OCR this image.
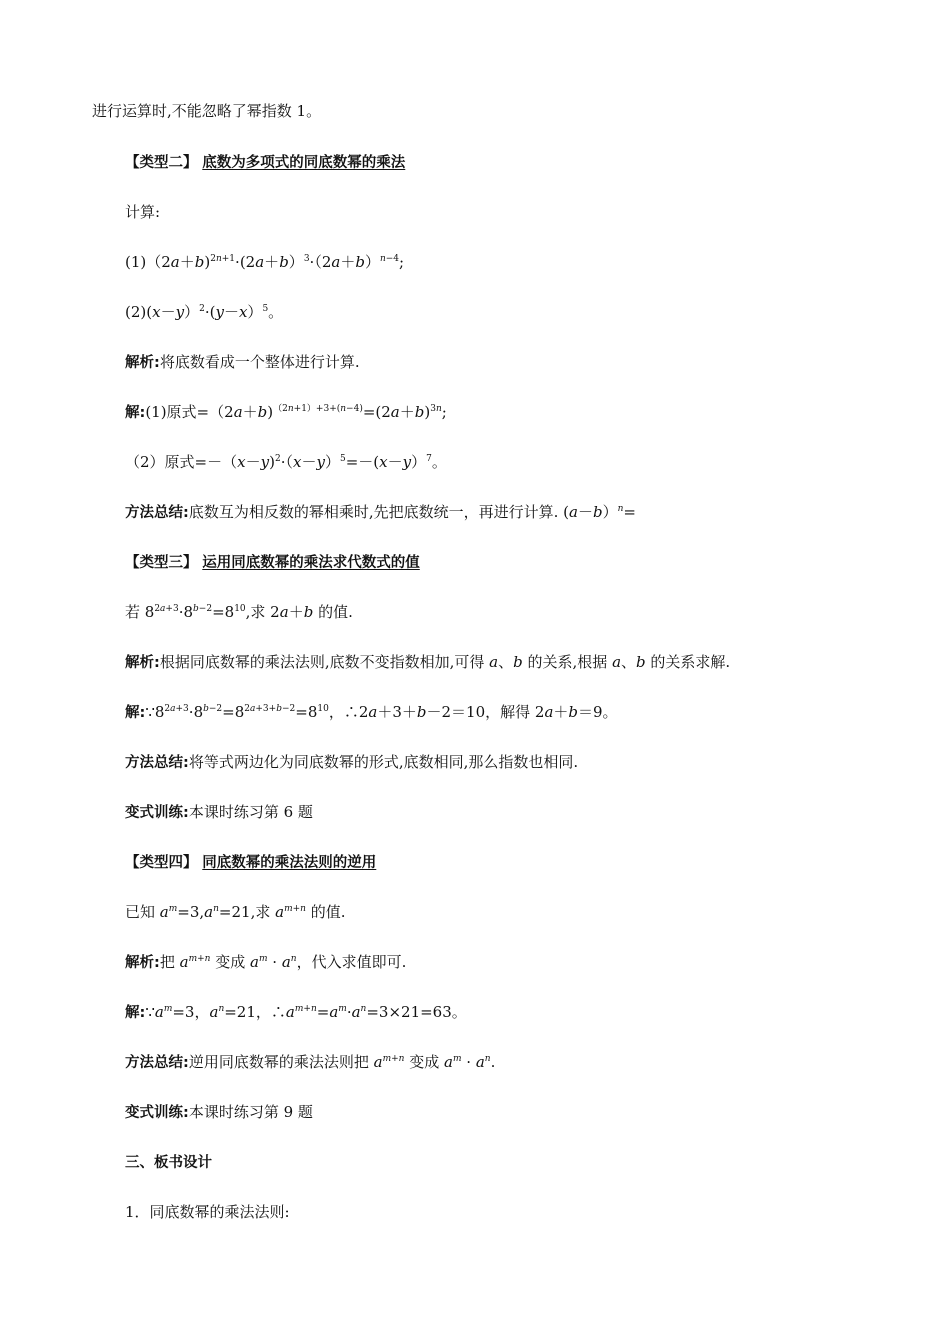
进行运算时,不能忽略了幂指数 1。
【类型二】 底数为多项式的同底数幂的乘法
计算:
$(1)(2a+b)^{2n+1}\cdot(2a+b)^3\cdot(2a+b)^{n-4}$;
(2)(x－y）$^2$·(y－x）$^5$。
解析:将底数看成一个整体进行计算.
解:(1)原式$=(2a+b)^{(2n+1)+3+(n-4)}=(2a+b)^{3n}$;
（2）原式$=-(x-y)^2\cdot(x-y)^5=-(x-y)^7$。
方法总结:底数互为相反数的幂相乘时,先把底数统一，再进行计算. (a－b）$^n$=
【类型三】 运用同底数幂的乘法求代数式的值
若 $8^{2a+3}\cdot 8^{b-2}=8^{10}$,求 2a＋b 的值.
解析:根据同底数幂的乘法法则,底数不变指数相加,可得 a、b 的关系,根据 a、b 的关系求解.
解$:\because 8^{2a+3}\cdot 8^{b-2}=8^{2a+3+b-2}=8^{10}$，∴2a＋3＋b－2＝10，解得 2a＋b＝9。
方法总结:将等式两边化为同底数幂的形式,底数相同,那么指数也相同.
变式训练:本课时练习第 6 题
【类型四】 同底数幂的乘法法则的逆用
已知 $a^m=3,a^n=21$,求 $a^{m+n}$ 的值.
解析:把 $a^{m+n}$ 变成 $a^m \cdot a^n$，代入求值即可.
解$:\because a^m=3$，$a^n=21$，$\therefore a^{m+n}=a^m\cdot a^n=3\times 21=63$。
方法总结:逆用同底数幂的乘法法则把 $a^{m+n}$ 变成 $a^m \cdot a^n$.
变式训练:本课时练习第 9 题
三、板书设计
1．同底数幂的乘法法则:
